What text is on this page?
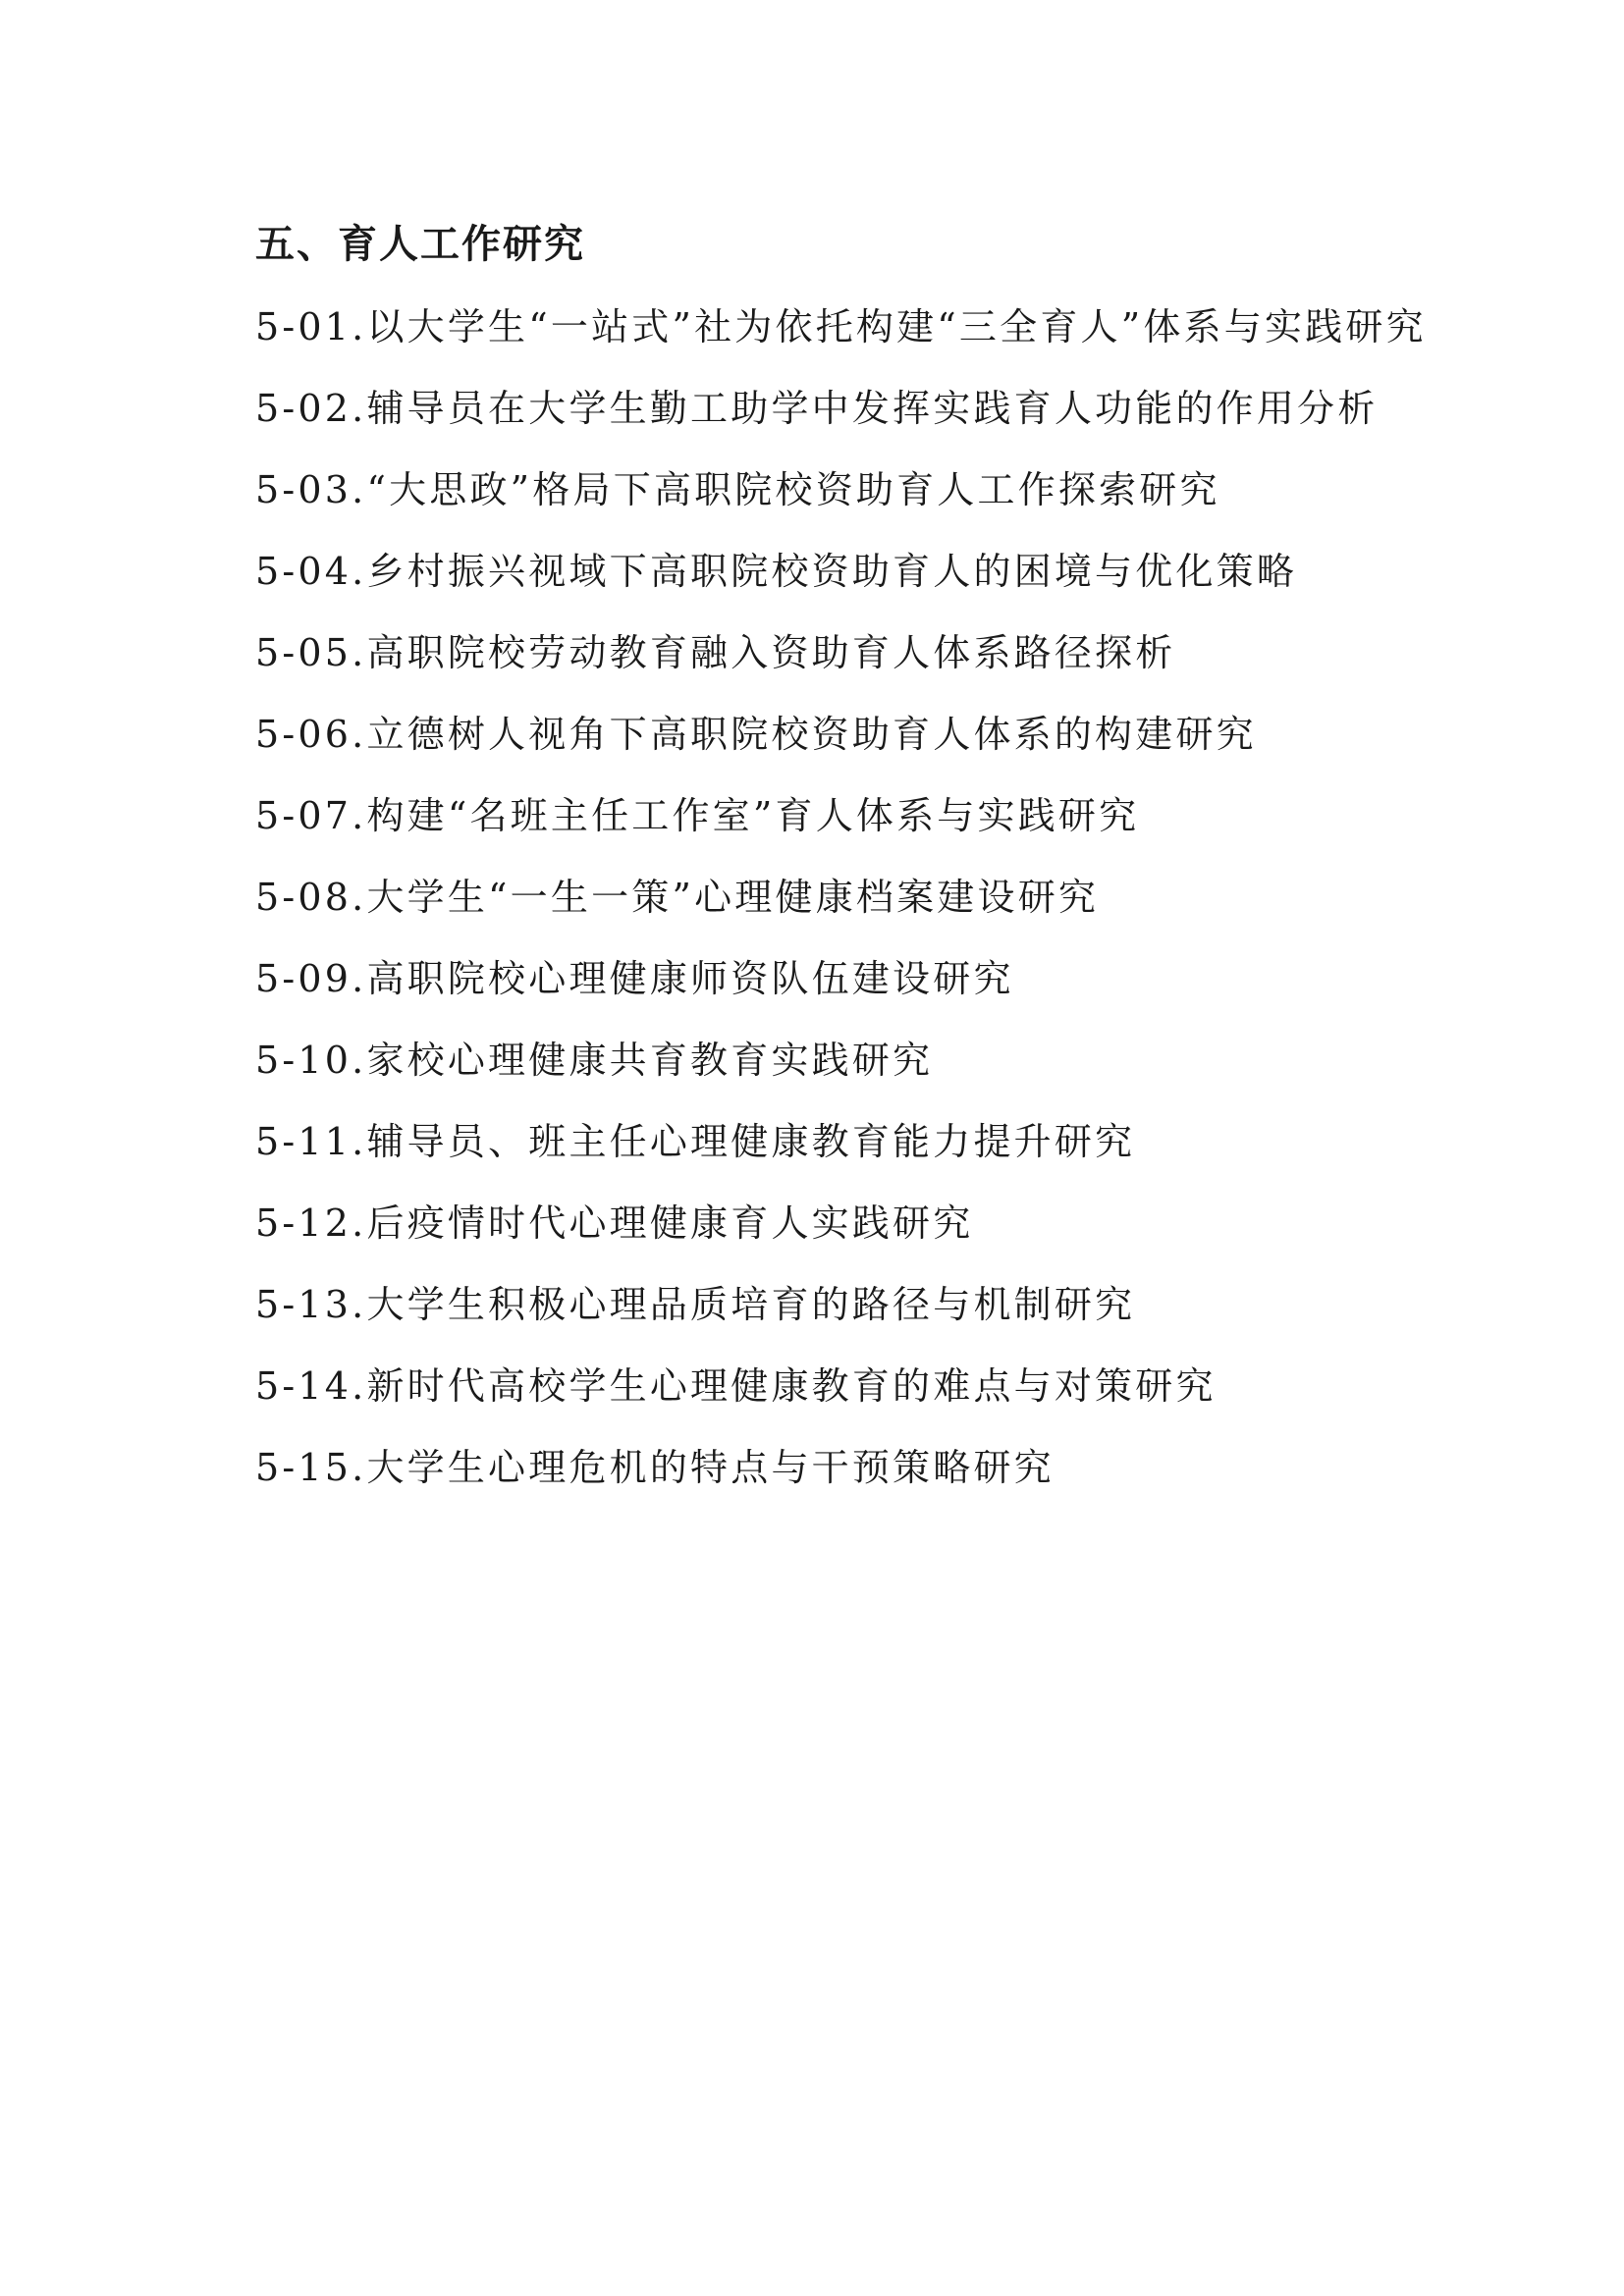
五、育人工作研究
5-01.以大学生“一站式”社为依托构建“三全育人”体系与实践研究
5-02.辅导员在大学生勤工助学中发挥实践育人功能的作用分析
5-03.“大思政”格局下高职院校资助育人工作探索研究
5-04.乡村振兴视域下高职院校资助育人的困境与优化策略
5-05.高职院校劳动教育融入资助育人体系路径探析
5-06.立德树人视角下高职院校资助育人体系的构建研究
5-07.构建“名班主任工作室”育人体系与实践研究
5-08.大学生“一生一策”心理健康档案建设研究
5-09.高职院校心理健康师资队伍建设研究
5-10.家校心理健康共育教育实践研究
5-11.辅导员、班主任心理健康教育能力提升研究
5-12.后疫情时代心理健康育人实践研究
5-13.大学生积极心理品质培育的路径与机制研究
5-14.新时代高校学生心理健康教育的难点与对策研究
5-15.大学生心理危机的特点与干预策略研究
